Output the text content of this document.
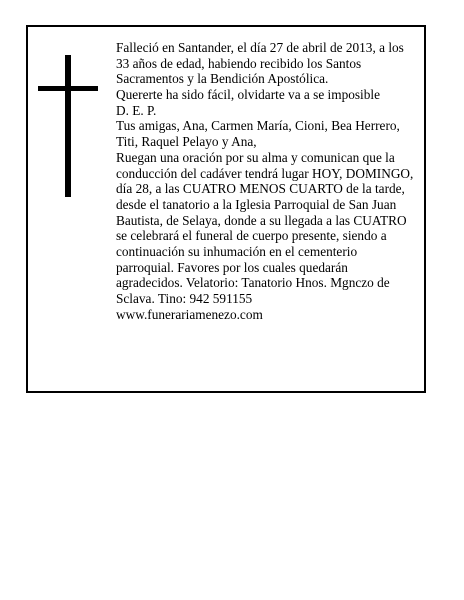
Falleció en Santander, el día 27 de abril de 2013, a los
33 años de edad, habiendo recibido los Santos
Sacramentos y la Bendición Apostólica.
Quererte ha sido fácil, olvidarte va a se imposible
D. E. P.
Tus amigas, Ana, Carmen María, Cioni, Bea Herrero,
Titi, Raquel Pelayo y Ana,
Ruegan una oración por su alma y comunican que la
conducción del cadáver tendrá lugar HOY, DOMINGO,
día 28, a las CUATRO MENOS CUARTO de la tarde,
desde el tanatorio a la Iglesia Parroquial de San Juan
Bautista, de Selaya, donde a su llegada a las CUATRO
se celebrará el funeral de cuerpo presente, siendo a
continuación su inhumación en el cementerio
parroquial. Favores por los cuales quedarán
agradecidos. Velatorio: Tanatorio Hnos. Mgnczo de
Sclava. Tino: 942 591155
www.funerariamenezo.com
